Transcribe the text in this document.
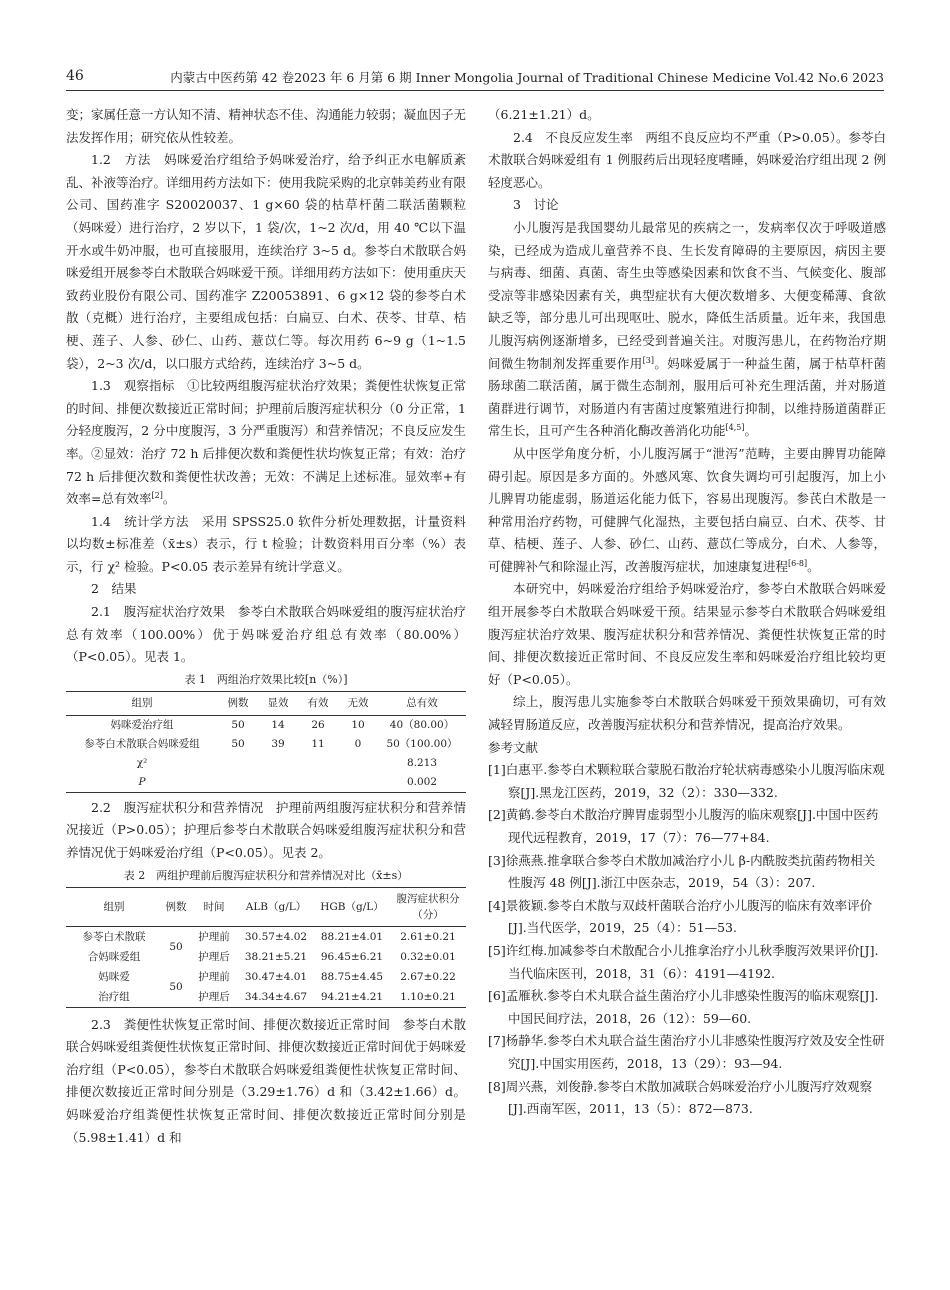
46	内蒙古中医药第 42 卷2023 年 6 月第 6 期 Inner Mongolia Journal of Traditional Chinese Medicine Vol.42 No.6 2023

变；家属任意一方认知不清、精神状态不佳、沟通能力较弱；凝血因子无法发挥作用；研究依从性较差。

1.2　方法　妈咪爱治疗组给予妈咪爱治疗，给予纠正水电解质紊乱、补液等治疗。详细用药方法如下：使用我院采购的北京韩美药业有限公司、国药准字 S20020037、1 g×60 袋的枯草杆菌二联活菌颗粒（妈咪爱）进行治疗，2 岁以下，1 袋/次，1~2 次/d，用 40 ℃以下温开水或牛奶冲服，也可直接服用，连续治疗 3~5 d。参苓白术散联合妈咪爱组开展参苓白术散联合妈咪爱干预。详细用药方法如下：使用重庆天致药业股份有限公司、国药准字 Z20053891、6 g×12 袋的参苓白术散（克概）进行治疗，主要组成包括：白扁豆、白术、茯苓、甘草、桔梗、莲子、人参、砂仁、山药、薏苡仁等。每次用药 6~9 g（1~1.5 袋），2~3 次/d，以口服方式给药，连续治疗 3~5 d。

1.3　观察指标　①比较两组腹泻症状治疗效果；粪便性状恢复正常的时间、排便次数接近正常时间；护理前后腹泻症状积分（0 分正常，1 分轻度腹泻，2 分中度腹泻，3 分严重腹泻）和营养情况；不良反应发生率。②显效：治疗 72 h 后排便次数和粪便性状均恢复正常；有效：治疗 72 h 后排便次数和粪便性状改善；无效：不满足上述标准。显效率+有效率=总有效率[2]。

1.4　统计学方法　采用 SPSS25.0 软件分析处理数据，计量资料以均数±标准差（x̄±s）表示，行 t 检验；计数资料用百分率（%）表示，行 χ² 检验。P<0.05 表示差异有统计学意义。

2　结果

2.1　腹泻症状治疗效果　参苓白术散联合妈咪爱组的腹泻症状治疗总有效率（100.00%）优于妈咪爱治疗组总有效率（80.00%）（P<0.05）。见表 1。

表 1　两组治疗效果比较[n（%）]
组别	例数	显效	有效	无效	总有效
妈咪爱治疗组	50	14	26	10	40（80.00）
参苓白术散联合妈咪爱组	50	39	11	0	50（100.00）
χ²					8.213
P					0.002

2.2　腹泻症状积分和营养情况　护理前两组腹泻症状积分和营养情况接近（P>0.05）；护理后参苓白术散联合妈咪爱组腹泻症状积分和营养情况优于妈咪爱治疗组（P<0.05）。见表 2。

表 2　两组护理前后腹泻症状积分和营养情况对比（x̄±s）
组别	例数	时间	ALB（g/L）	HGB（g/L）	腹泻症状积分（分）
参苓白术散联	50	护理前	30.57±4.02	88.21±4.01	2.61±0.21
合妈咪爱组		护理后	38.21±5.21	96.45±6.21	0.32±0.01
妈咪爱	50	护理前	30.47±4.01	88.75±4.45	2.67±0.22
治疗组		护理后	34.34±4.67	94.21±4.21	1.10±0.21

2.3　粪便性状恢复正常时间、排便次数接近正常时间　参苓白术散联合妈咪爱组粪便性状恢复正常时间、排便次数接近正常时间优于妈咪爱治疗组（P<0.05），参苓白术散联合妈咪爱组粪便性状恢复正常时间、排便次数接近正常时间分别是（3.29±1.76）d 和（3.42±1.66）d。妈咪爱治疗组粪便性状恢复正常时间、排便次数接近正常时间分别是（5.98±1.41）d 和

（6.21±1.21）d。

2.4　不良反应发生率　两组不良反应均不严重（P>0.05）。参苓白术散联合妈咪爱组有 1 例服药后出现轻度嗜睡，妈咪爱治疗组出现 2 例轻度恶心。

3　讨论

小儿腹泻是我国婴幼儿最常见的疾病之一，发病率仅次于呼吸道感染，已经成为造成儿童营养不良、生长发育障碍的主要原因，病因主要与病毒、细菌、真菌、寄生虫等感染因素和饮食不当、气候变化、腹部受凉等非感染因素有关，典型症状有大便次数增多、大便变稀薄、食欲缺乏等，部分患儿可出现呕吐、脱水，降低生活质量。近年来，我国患儿腹泻病例逐渐增多，已经受到普遍关注。对腹泻患儿，在药物治疗期间微生物制剂发挥重要作用[3]。妈咪爱属于一种益生菌，属于枯草杆菌肠球菌二联活菌，属于微生态制剂，服用后可补充生理活菌，并对肠道菌群进行调节，对肠道内有害菌过度繁殖进行抑制，以维持肠道菌群正常生长，且可产生各种消化酶改善消化功能[4,5]。

从中医学角度分析，小儿腹泻属于“泄泻”范畴，主要由脾胃功能障碍引起。原因是多方面的。外感风寒、饮食失调均可引起腹泻，加上小儿脾胃功能虚弱，肠道运化能力低下，容易出现腹泻。参芪白术散是一种常用治疗药物，可健脾气化湿热，主要包括白扁豆、白术、茯苓、甘草、桔梗、莲子、人参、砂仁、山药、薏苡仁等成分，白术、人参等，可健脾补气和除湿止泻，改善腹泻症状，加速康复进程[6-8]。

本研究中，妈咪爱治疗组给予妈咪爱治疗，参苓白术散联合妈咪爱组开展参苓白术散联合妈咪爱干预。结果显示参苓白术散联合妈咪爱组腹泻症状治疗效果、腹泻症状积分和营养情况、粪便性状恢复正常的时间、排便次数接近正常时间、不良反应发生率和妈咪爱治疗组比较均更好（P<0.05）。

综上，腹泻患儿实施参苓白术散联合妈咪爱干预效果确切，可有效减轻胃肠道反应，改善腹泻症状积分和营养情况，提高治疗效果。

参考文献

[1]白惠平.参苓白术颗粒联合蒙脱石散治疗轮状病毒感染小儿腹泻临床观察[J].黑龙江医药，2019，32（2）：330—332.

[2]黄鹤.参苓白术散治疗脾胃虚弱型小儿腹泻的临床观察[J].中国中医药现代远程教育，2019，17（7）：76—77+84.

[3]徐燕燕.推拿联合参苓白术散加减治疗小儿 β-内酰胺类抗菌药物相关性腹泻 48 例[J].浙江中医杂志，2019，54（3）：207.

[4]景筱颖.参苓白术散与双歧杆菌联合治疗小儿腹泻的临床有效率评价[J].当代医学，2019，25（4）：51—53.

[5]许红梅.加减参苓白术散配合小儿推拿治疗小儿秋季腹泻效果评价[J].当代临床医刊，2018，31（6）：4191—4192.

[6]孟雁秋.参苓白术丸联合益生菌治疗小儿非感染性腹泻的临床观察[J].中国民间疗法，2018，26（12）：59—60.

[7]杨静华.参苓白术丸联合益生菌治疗小儿非感染性腹泻疗效及安全性研究[J].中国实用医药，2018，13（29）：93—94.

[8]周兴燕，刘俊静.参苓白术散加减联合妈咪爱治疗小儿腹泻疗效观察[J].西南军医，2011，13（5）：872—873.
